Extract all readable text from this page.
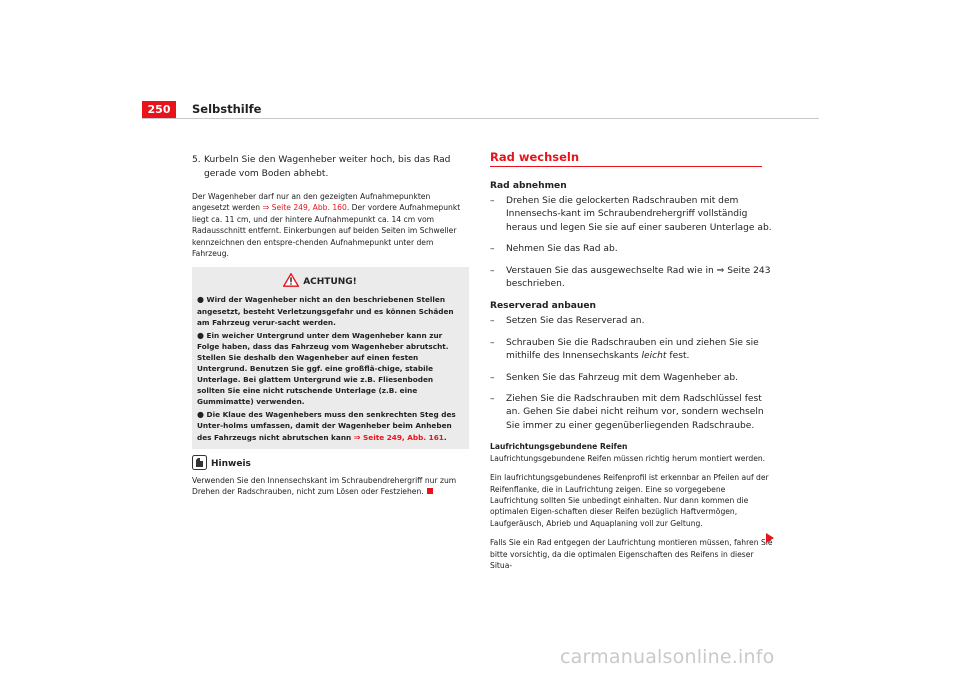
250	Selbsthilfe
5. Kurbeln Sie den Wagenheber weiter hoch, bis das Rad gerade vom Boden abhebt.

Der Wagenheber darf nur an den gezeigten Aufnahmepunkten angesetzt werden ⇒ Seite 249, Abb. 160. Der vordere Aufnahmepunkt liegt ca. 11 cm, und der hintere Aufnahmepunkt ca. 14 cm vom Radausschnitt entfernt. Einkerbungen auf beiden Seiten im Schweller kennzeichnen den entspre-chenden Aufnahmepunkt unter dem Fahrzeug.

ACHTUNG!

● Wird der Wagenheber nicht an den beschriebenen Stellen angesetzt, besteht Verletzungsgefahr und es können Schäden am Fahrzeug verur-sacht werden.

● Ein weicher Untergrund unter dem Wagenheber kann zur Folge haben, dass das Fahrzeug vom Wagenheber abrutscht. Stellen Sie deshalb den Wagenheber auf einen festen Untergrund. Benutzen Sie ggf. eine großflä-chige, stabile Unterlage. Bei glattem Untergrund wie z.B. Fliesenboden sollten Sie eine nicht rutschende Unterlage (z.B. eine Gummimatte) verwenden.

● Die Klaue des Wagenhebers muss den senkrechten Steg des Unter-holms umfassen, damit der Wagenheber beim Anheben des Fahrzeugs nicht abrutschen kann ⇒ Seite 249, Abb. 161.

Hinweis

Verwenden Sie den Innensechskant im Schraubendrehergriff nur zum Drehen der Radschrauben, nicht zum Lösen oder Festziehen.

Rad wechseln

Rad abnehmen

–	Drehen Sie die gelockerten Radschrauben mit dem Innensechs-kant im Schraubendrehergriff vollständig heraus und legen Sie sie auf einer sauberen Unterlage ab.
–	Nehmen Sie das Rad ab.
–	Verstauen Sie das ausgewechselte Rad wie in ⇒ Seite 243 beschrieben.

Reserverad anbauen

–	Setzen Sie das Reserverad an.
–	Schrauben Sie die Radschrauben ein und ziehen Sie sie mithilfe des Innensechskants leicht fest.
–	Senken Sie das Fahrzeug mit dem Wagenheber ab.
–	Ziehen Sie die Radschrauben mit dem Radschlüssel fest an. Gehen Sie dabei nicht reihum vor, sondern wechseln Sie immer zu einer gegenüberliegenden Radschraube.

Laufrichtungsgebundene Reifen

Laufrichtungsgebundene Reifen müssen richtig herum montiert werden.

Ein laufrichtungsgebundenes Reifenprofil ist erkennbar an Pfeilen auf der Reifenflanke, die in Laufrichtung zeigen. Eine so vorgegebene Laufrichtung sollten Sie unbedingt einhalten. Nur dann kommen die optimalen Eigen-schaften dieser Reifen bezüglich Haftvermögen, Laufgeräusch, Abrieb und Aquaplaning voll zur Geltung.

Falls Sie ein Rad entgegen der Laufrichtung montieren müssen, fahren Sie bitte vorsichtig, da die optimalen Eigenschaften des Reifens in dieser Situa-

carmanualsonline.info
